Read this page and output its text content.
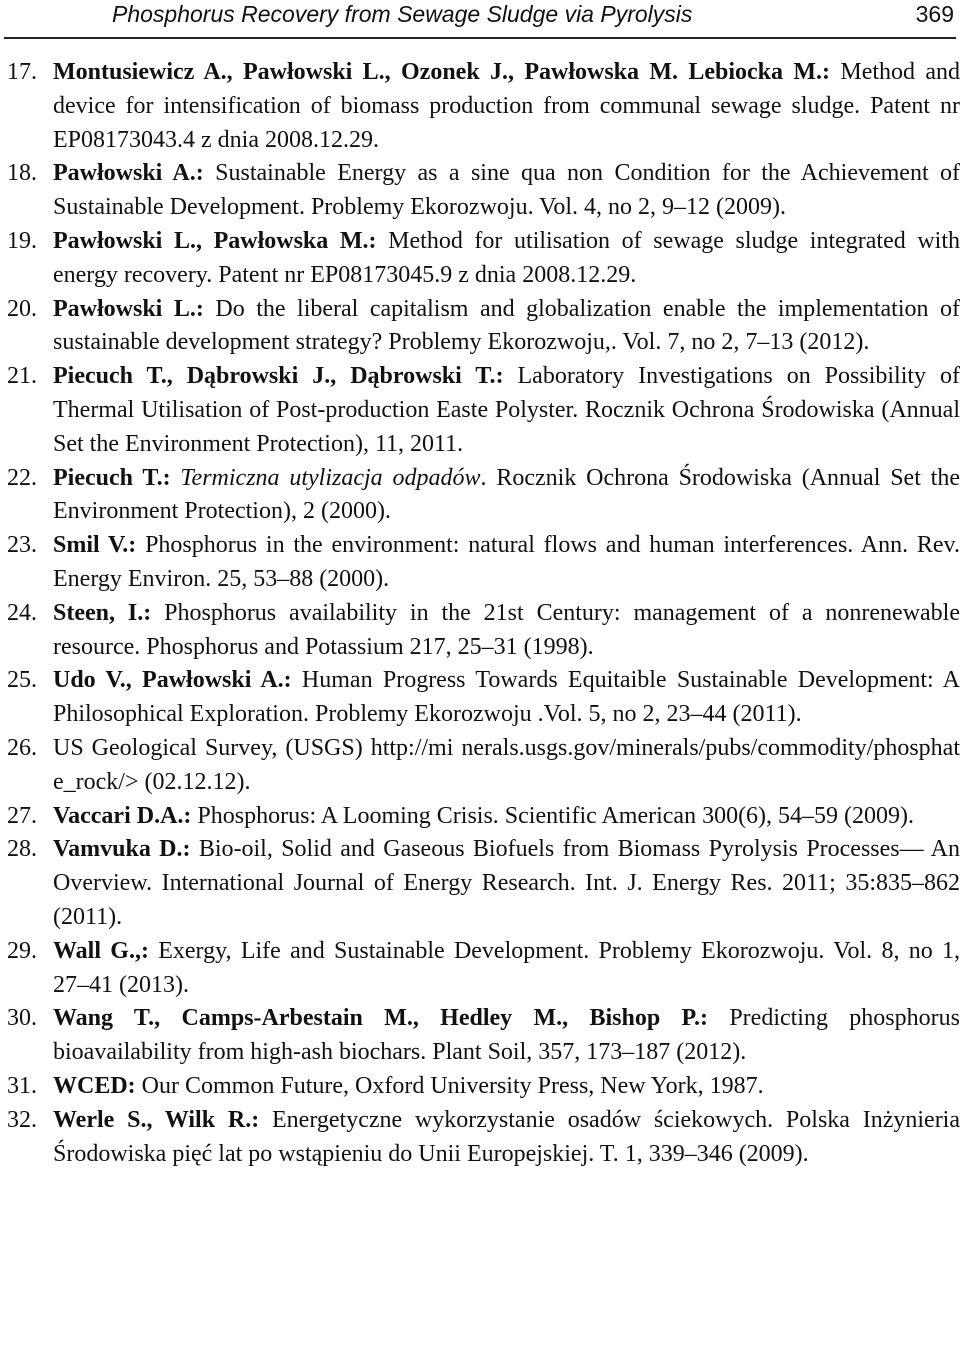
Phosphorus Recovery from Sewage Sludge via Pyrolysis	369
17. Montusiewicz A., Pawłowski L., Ozonek J., Pawłowska M. Lebiocka M.: Method and device for intensification of biomass production from communal sewage sludge. Patent nr EP08173043.4 z dnia 2008.12.29.
18. Pawłowski A.: Sustainable Energy as a sine qua non Condition for the Achievement of Sustainable Development. Problemy Ekorozwoju. Vol. 4, no 2, 9–12 (2009).
19. Pawłowski L., Pawłowska M.: Method for utilisation of sewage sludge integrated with energy recovery. Patent nr EP08173045.9 z dnia 2008.12.29.
20. Pawłowski L.: Do the liberal capitalism and globalization enable the implementation of sustainable development strategy? Problemy Ekorozwoju,. Vol. 7, no 2, 7–13 (2012).
21. Piecuch T., Dąbrowski J., Dąbrowski T.: Laboratory Investigations on Possibility of Thermal Utilisation of Post-production Easte Polyster. Rocznik Ochrona Środowiska (Annual Set the Environment Protection), 11, 2011.
22. Piecuch T.: Termiczna utylizacja odpadów. Rocznik Ochrona Środowiska (Annual Set the Environment Protection), 2 (2000).
23. Smil V.: Phosphorus in the environment: natural flows and human interferences. Ann. Rev. Energy Environ. 25, 53–88 (2000).
24. Steen, I.: Phosphorus availability in the 21st Century: management of a nonrenewable resource. Phosphorus and Potassium 217, 25–31 (1998).
25. Udo V., Pawłowski A.: Human Progress Towards Equitaible Sustainable Development: A Philosophical Exploration. Problemy Ekorozwoju .Vol. 5, no 2, 23–44 (2011).
26. US Geological Survey, (USGS) http://mi nerals.usgs.gov/minerals/pubs/commodity/phosphate_rock/> (02.12.12).
27. Vaccari D.A.: Phosphorus: A Looming Crisis. Scientific American 300(6), 54–59 (2009).
28. Vamvuka D.: Bio-oil, Solid and Gaseous Biofuels from Biomass Pyrolysis Processes— An Overview. International Journal of Energy Research. Int. J. Energy Res. 2011; 35:835–862 (2011).
29. Wall G.,: Exergy, Life and Sustainable Development. Problemy Ekorozwoju. Vol. 8, no 1, 27–41 (2013).
30. Wang T., Camps-Arbestain M., Hedley M., Bishop P.: Predicting phosphorus bioavailability from high-ash biochars. Plant Soil, 357, 173–187 (2012).
31. WCED: Our Common Future, Oxford University Press, New York, 1987.
32. Werle S., Wilk R.: Energetyczne wykorzystanie osadów ściekowych. Polska Inżynieria Środowiska pięć lat po wstąpieniu do Unii Europejskiej. T. 1, 339–346 (2009).
